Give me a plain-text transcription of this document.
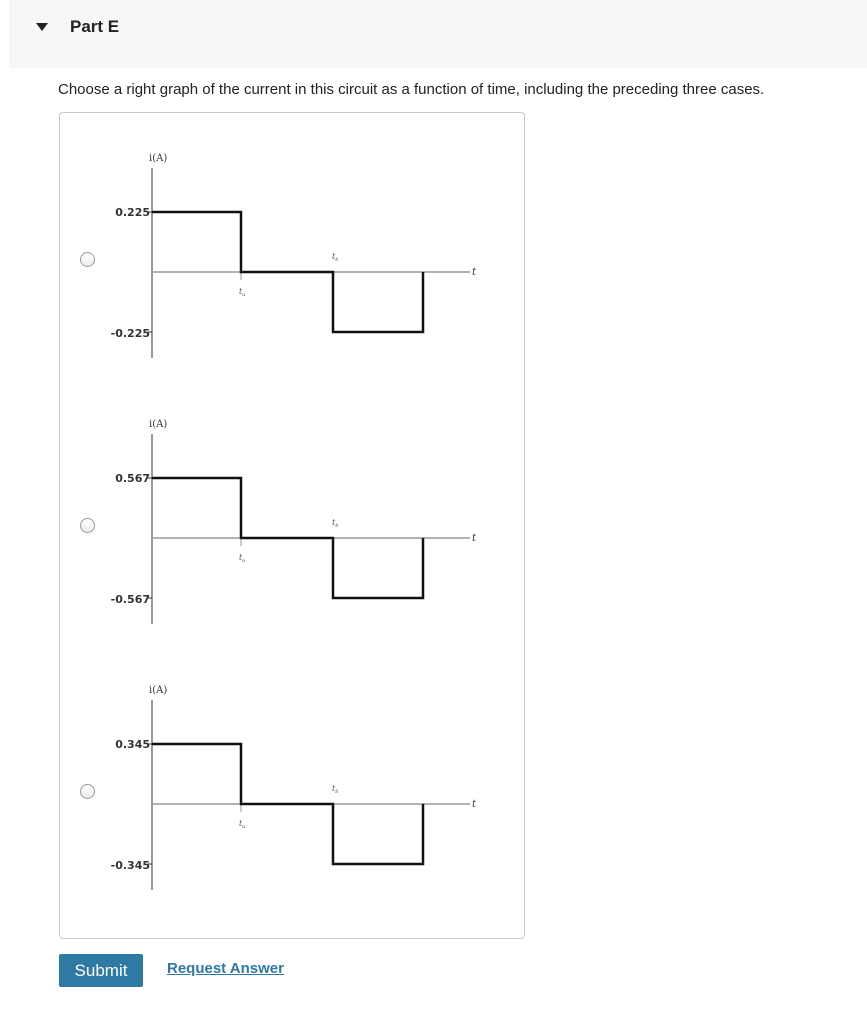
Part E
Choose a right graph of the current in this circuit as a function of time, including the preceding three cases.
i(A)
t
0.225
-0.225
$t_a$
$t_b$
i(A)
t
0.567
-0.567
$t_a$
$t_b$
i(A)
t
0.345
-0.345
$t_a$
$t_b$
Submit	Request Answer
